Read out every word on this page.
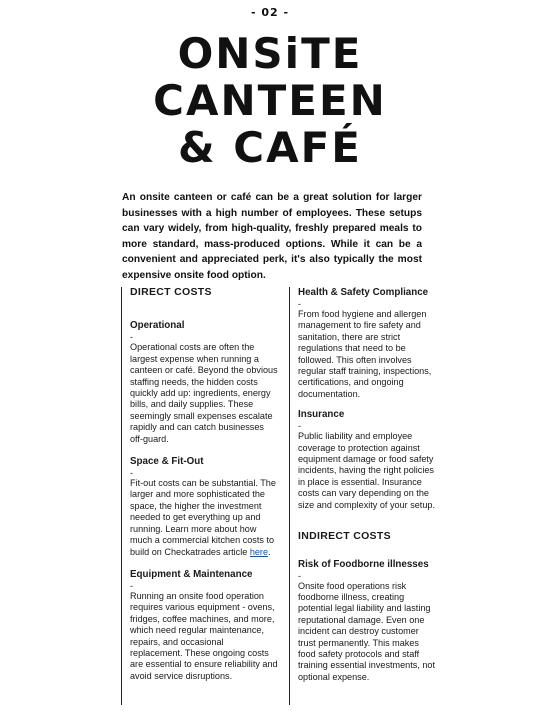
- 02 -
ONSiTE
CANTEEN
& CAFÉ

An onsite canteen or café can be a great solution for larger businesses with a high number of employees. These setups can vary widely, from high-quality, freshly prepared meals to more standard, mass-produced options. While it can be a convenient and appreciated perk, it's also typically the most expensive onsite food option.

DIRECT COSTS
Operational
-
Operational costs are often the largest expense when running a canteen or café. Beyond the obvious staffing needs, the hidden costs quickly add up: ingredients, energy bills, and daily supplies. These seemingly small expenses escalate rapidly and can catch businesses off-guard.
Space & Fit-Out
-
Fit-out costs can be substantial. The larger and more sophisticated the space, the higher the investment needed to get everything up and running. Learn more about how much a commercial kitchen costs to build on Checkatrades article here.
Equipment & Maintenance
-
Running an onsite food operation requires various equipment - ovens, fridges, coffee machines, and more, which need regular maintenance, repairs, and occasional replacement. These ongoing costs are essential to ensure reliability and avoid service disruptions.
Health & Safety Compliance
-
From food hygiene and allergen management to fire safety and sanitation, there are strict regulations that need to be followed. This often involves regular staff training, inspections, certifications, and ongoing documentation.
Insurance
-
Public liability and employee coverage to protection against equipment damage or food safety incidents, having the right policies in place is essential. Insurance costs can vary depending on the size and complexity of your setup.
INDIRECT COSTS
Risk of Foodborne illnesses
-
Onsite food operations risk foodborne illness, creating potential legal liability and lasting reputational damage. Even one incident can destroy customer trust permanently. This makes food safety protocols and staff training essential investments, not optional expense.
